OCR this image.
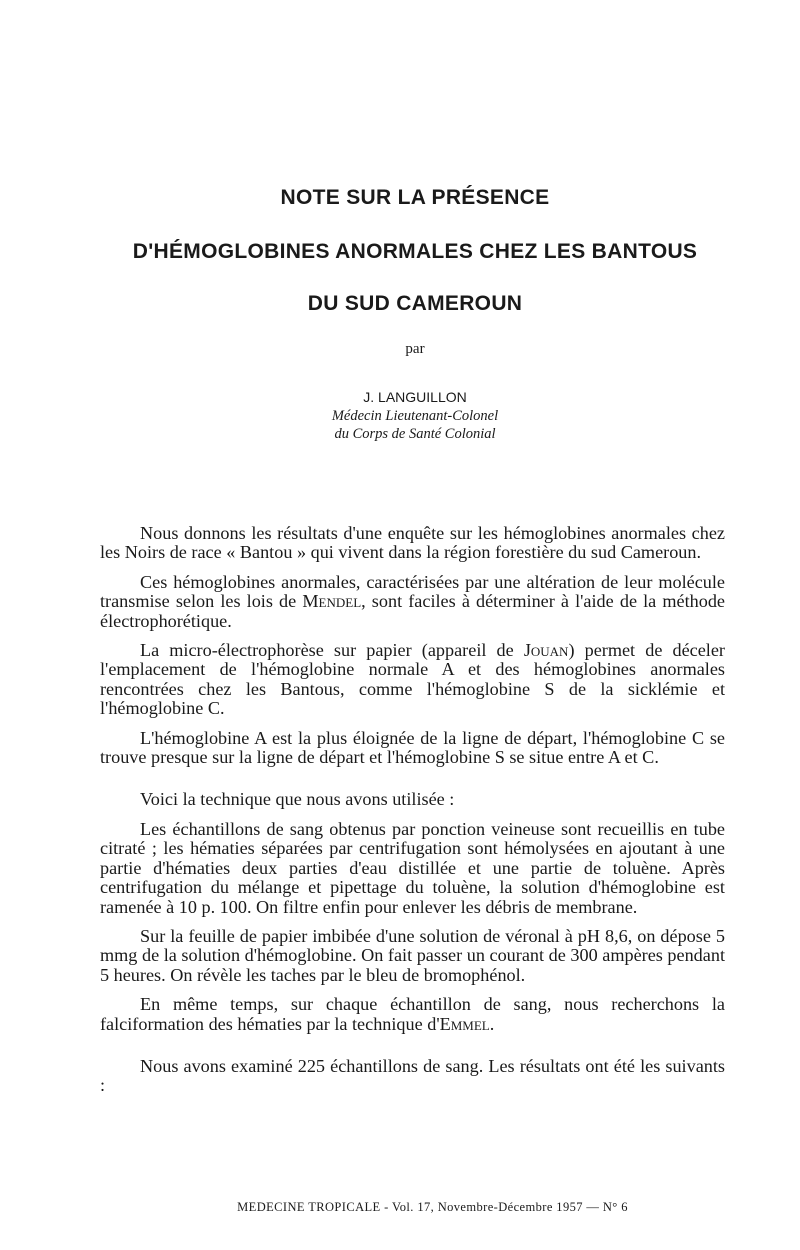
NOTE SUR LA PRÉSENCE
D'HÉMOGLOBINES ANORMALES CHEZ LES BANTOUS
DU SUD CAMEROUN
par
J. LANGUILLON
Médecin Lieutenant-Colonel
du Corps de Santé Colonial

Nous donnons les résultats d'une enquête sur les hémoglobines anormales chez les Noirs de race « Bantou » qui vivent dans la région forestière du sud Cameroun.

Ces hémoglobines anormales, caractérisées par une altération de leur molécule transmise selon les lois de Mendel, sont faciles à déterminer à l'aide de la méthode électrophorétique.

La micro-électrophorèse sur papier (appareil de Jouan) permet de déceler l'emplacement de l'hémoglobine normale A et des hémoglobines anormales rencontrées chez les Bantous, comme l'hémoglobine S de la sicklémie et l'hémoglobine C.

L'hémoglobine A est la plus éloignée de la ligne de départ, l'hémoglobine C se trouve presque sur la ligne de départ et l'hémoglobine S se situe entre A et C.

Voici la technique que nous avons utilisée :

Les échantillons de sang obtenus par ponction veineuse sont recueillis en tube citraté ; les hématies séparées par centrifugation sont hémolysées en ajoutant à une partie d'hématies deux parties d'eau distillée et une partie de toluène. Après centrifugation du mélange et pipettage du toluène, la solution d'hémoglobine est ramenée à 10 p. 100. On filtre enfin pour enlever les débris de membrane.

Sur la feuille de papier imbibée d'une solution de véronal à pH 8,6, on dépose 5 mmg de la solution d'hémoglobine. On fait passer un courant de 300 ampères pendant 5 heures. On révèle les taches par le bleu de bromophénol.

En même temps, sur chaque échantillon de sang, nous recherchons la falciformation des hématies par la technique d'Emmel.

Nous avons examiné 225 échantillons de sang. Les résultats ont été les suivants :

MEDECINE TROPICALE - Vol. 17, Novembre-Décembre 1957 — N° 6
